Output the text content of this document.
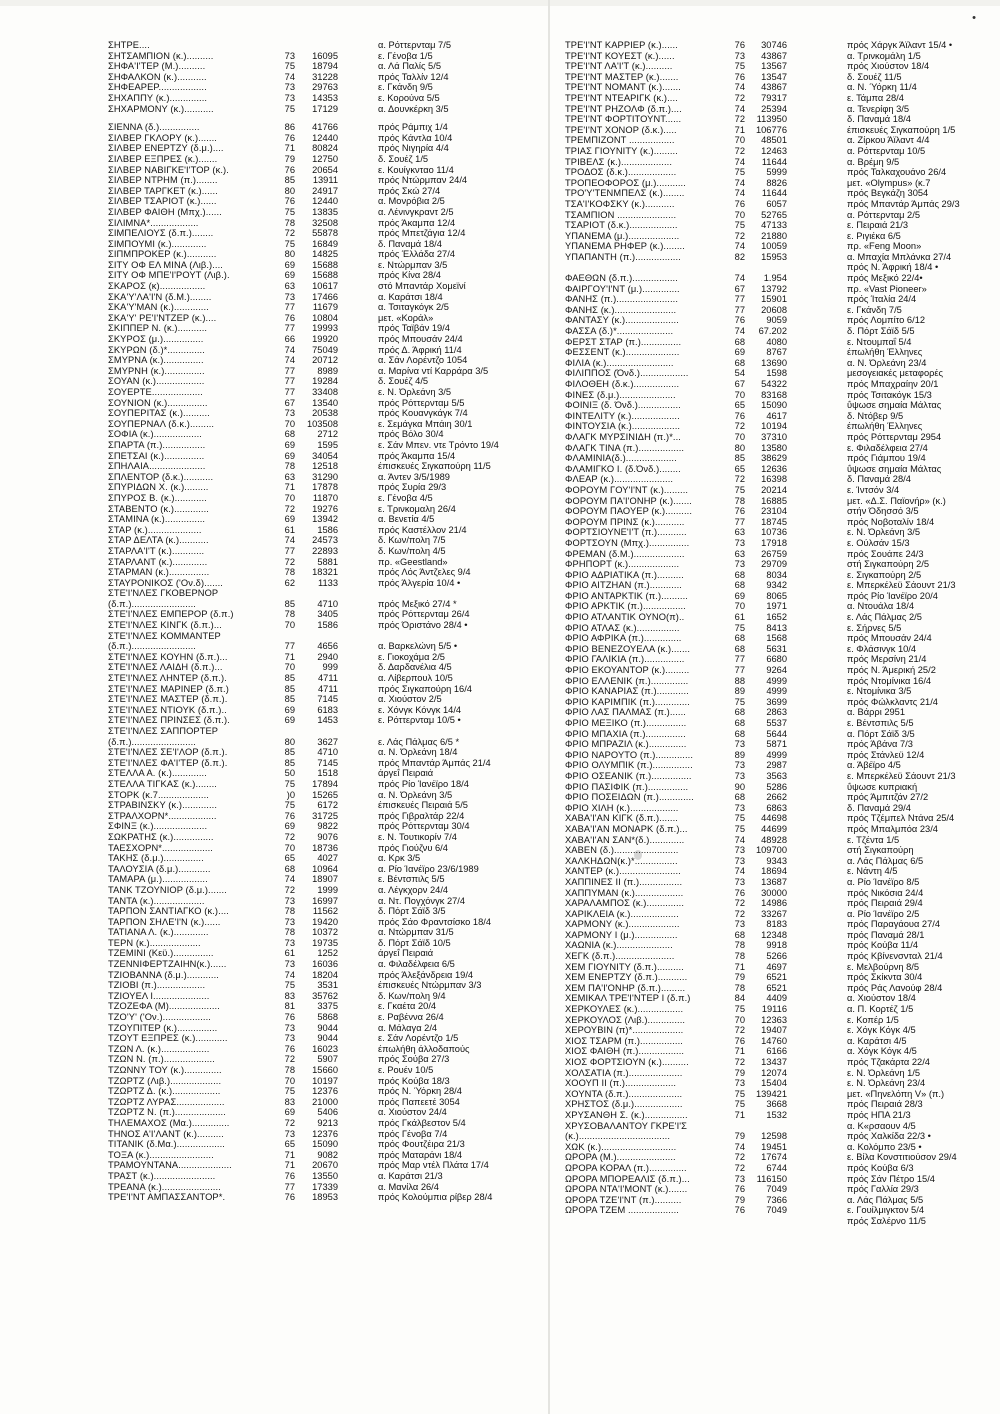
•
ΣΗΤΡΕ....	α. Ρόττερνταμ 7/5
ΣΗΤΣΑΜΠΙΟΝ (κ.)..........	73	16095	ε. Γένοβα 1/5
ΣΗΦΑ'Ι'ΤΕΡ (Μ.)..........	75	18794	α. Λά Παλίς 5/5
ΣΗΦΑΛΚΟΝ (κ.)...........	74	31228	πρός Ταλλίν 12/4
ΣΗΦΕΑΡΕΡ..................	73	29763	ε. Γκάνδη 9/5
ΣΗΧΑΠΠΥ (κ.)..............	73	14353	ε. Κορούνα 5/5
ΣΗΧΑΡΜΟΝΥ (κ.)...........	75	17129	α. Δουνκέρκη 3/5
ΣΙΕΝΝΑ (δ.)...............	86	41766	πρός Ράμπιχ 1/4
ΣΙΛΒΕΡ ΓΚΛΟΡΥ (κ.).......	76	12440	πρός Κάντλα 10/4
ΣΙΛΒΕΡ ΕΝΕΡΤΖΥ (δ.μ.)....	71	80824	πρός Νιγηρία 4/4
ΣΙΛΒΕΡ ΕΞΠΡΕΣ (κ.).......	79	12750	δ. Σουέζ 1/5
ΣΙΛΒΕΡ ΝΑΒΙΓΚΕ'Ι'ΤΟΡ (κ.).	76	20654	ε. Κουίγκνταο 11/4
ΣΙΛΒΕΡ ΝΤΡΗΜ (π.)........	85	13911	πρός Ντώρμπαν 24/4
ΣΙΛΒΕΡ ΤΑΡΓΚΕΤ (κ.)......	80	24917	πρός Σκώ 27/4
ΣΙΛΒΕΡ ΤΣΑΡΙΟΤ (κ.)......	76	12440	α. Μονρόβια 2/5
ΣΙΛΒΕΡ ΦΑΙΘΗ (Μπχ.)......	75	13835	α. Λένινγκραντ 2/5
ΣΙΛΙΜΝΑ*..................	78	32508	πρός Άκαμπα 12/4
ΣΙΜΠΕΛΙΟΥΣ (δ.π.)........	72	55878	πρός Μπετζάγια 12/4
ΣΙΜΠΟΥΜΙ (κ.).............	75	16849	δ. Παναμά 18/4
ΣΙΠΜΠΡΟΚΕΡ (κ.)...........	80	14825	πρός Έλλάδα 27/4
ΣΙΤΥ ΟΦ ΕΛ ΜΙΝΑ (Λιβ.)....	69	15688	ε. Ντώρμπαν 3/5
ΣΙΤΥ ΟΦ ΜΠΕ'Ι'ΡΟΥΤ (Λιβ.).	69	15688	πρός Κίνα 28/4
ΣΚΑΡΟΣ (κ).................	63	10617	στό Μπαντάρ Χομεϊνί
ΣΚΑ'Υ'ΛΑ'Ι'Ν (δ.Μ.)........	73	17466	α. Καράτσι 18/4
ΣΚΑ'Υ'ΜΑΝ (κ.).............	77	11679	α. Τσιταγκόγκ 2/5
ΣΚΑ'Υ' ΡΕ'Ι'ΝΤΖΕΡ (κ.)....	76	10804	μετ. «Κοράλ»
ΣΚΙΠΠΕΡ Ν. (κ.)...........	77	19993	πρός Ταϊβάν 19/4
ΣΚΥΡΟΣ (μ.)...............	66	19920	πρός Μπουσάν 24/4
ΣΚΥΡΩΝ (δ.)*..............	74	75049	πρός Δ. Άφρική 11/4
ΣΜΥΡΝΑ (κ.)...............	74	20712	α. Σάν Λορέντζο 1054
ΣΜΥΡΝΗ (κ.)...............	77	8989	α. Μαρίνα ντί Καρράρα 3/5
ΣΟΥΑΝ (κ.)..................	77	19284	δ. Σουέζ 4/5
ΣΟΥΕΡΤΕ...................	77	33408	ε. Ν. Όρλεάνη 3/5
ΣΟΥΝΙΟΝ (κ.)...............	67	13540	πρός Ρόττερνταμ 5/5
ΣΟΥΠΕΡΙΤΑΣ (κ.)..........	73	20538	πρός Κουανγκάγκ 7/4
ΣΟΥΠΕΡΝΑΛ (δ.κ.).........	70	103508	ε. Σεμάγκα Μπάιη 30/1
ΣΟΦΙΑ (κ.)..................	68	2712	πρός Βόλο 30/4
ΣΠΑΡΤΑ (π.)................	69	1595	ε. Σάν Μπεν. ντε Τρόντο 19/4
ΣΠΕΤΣΑΙ (κ.)...............	69	34054	πρός Άκαμπα 15/4
ΣΠΗΛΑΙΑ.....................	78	12518	έπισκευές Σιγκαπούρη 11/5
ΣΠΛΕΝΤΟΡ (δ.κ.)...........	63	31290	α. Άντεν 3/5/1989
ΣΠΥΡΙΔΩΝ Χ. (κ.).........	71	17878	πρός Συρία 29/3
ΣΠΥΡΟΣ Β. (κ.)............	70	11870	ε. Γένοβα 4/5
ΣΤΑΒΕΝΤΟ (κ.).............	72	19276	ε. Τρινκομαλη 26/4
ΣΤΑΜΙΝΑ (κ.)...............	69	13942	α. Βενετία 4/5
ΣΤΑΡ (κ.)....................	61	1586	πρός Καστέλλον 21/4
ΣΤΑΡ ΔΕΛΤΑ (κ.)...........	74	24573	δ. Κων/πολη 7/5
ΣΤΑΡΛΑ'Ι'Τ (κ.)............	77	22893	δ. Κων/πολη 4/5
ΣΤΑΡΛΑΝΤ (κ.).............	72	5881	πρ. «Geestland»
ΣΤΑΡΜΑΝ (κ.)...............	78	18321	πρός Λός Άντζελες 9/4
ΣΤΑΥΡΟΝΙΚΟΣ ('Ον.δ).......	62	1133	πρός Άλγερία 10/4 •
ΣΤΕ'Ι'ΝΛΕΣ ΓΚΟΒΕΡΝΟΡ
(δ.π.)........................	85	4710	πρός Μεξικό 27/4 *
ΣΤΕ'Ι'ΝΛΕΣ ΕΜΠΕΡΟΡ (δ.π.)	78	3405	πρός Ρόττερνταμ 26/4
ΣΤΕ'Ι'ΝΛΕΣ ΚΙΝΓΚ (δ.π.)...	70	1586	πρός Όριστάνο 28/4 •
ΣΤΕ'Ι'ΝΛΕΣ ΚΟΜΜΑΝΤΕΡ
(δ.π.)........................	77	4656	α. Βαρκελώνη 5/5 •
ΣΤΕ'Ι'ΝΛΕΣ ΚΟΥΗΝ (δ.π.)...	71	2940	ε. Γιοκοχάμα 2/5
ΣΤΕ'Ι'ΝΛΕΣ ΛΑΙΔΗ (δ.π.)...	70	999	δ. Δαρδανέλια 4/5
ΣΤΕ'Ι'ΝΛΕΣ ΛΗΝΤΕΡ (δ.π.).	85	4711	α. Λίβερπουλ 10/5
ΣΤΕ'Ι'ΝΛΕΣ ΜΑΡΙΝΕΡ (δ.π.)	85	4711	πρός Σιγκαπούρη 16/4
ΣΤΕ'Ι'ΝΛΕΣ ΜΑΣΤΕΡ (δ.π.).	85	7145	α. Χιούστον 2/5
ΣΤΕ'Ι'ΝΛΕΣ ΝΤΙΟΥΚ (δ.π.)..	69	6183	ε. Χόνγκ Κόνγκ 14/4
ΣΤΕ'Ι'ΝΛΕΣ ΠΡΙΝΣΕΣ (δ.π.).	69	1453	ε. Ρόττερνταμ 10/5 •
ΣΤΕ'Ι'ΝΛΕΣ ΣΑΠΠΟΡΤΕΡ
(δ.π.)........................	80	3627	ε. Λάς Πάλμας 6/5 *
ΣΤΕ'Ι'ΝΛΕΣ ΣΕ'Ι'ΛΟΡ (δ.π.).	85	4710	α. Ν. Όρλεάνη 18/4
ΣΤΕ'Ι'ΝΛΕΣ ΦΑ'Ι'ΤΕΡ (δ.π.).	85	7145	πρός Μπαντάρ Άμπάς 21/4
ΣΤΕΛΛΑ Α. (κ.).............	50	1518	άργεΐ Πειραιά
ΣΤΕΛΛΑ ΤΙΓΚΑΣ (κ.)........	75	17894	πρός Ρίο Ίανέϊρο 18/4
ΣΤΟΡΚ (κ.7...................	)0	15265	α. Ν. Όρλεάνη 3/5
ΣΤΡΑΒΙΝΣΚΥ (κ.).............	75	6172	έπισκευές Πειραιά 5/5
ΣΤΡΑΛΧΟΡΝ*..................	76	31725	πρός Γιβραλτάρ 22/4
ΣΦΙΝΞ (κ.)....................	69	9822	πρός Ρόττερνταμ 30/4
ΣΩΚΡΑΤΗΣ (κ.)...............	72	9076	ε. Ν. Τουτικορίν 7/4
ΤΑΕΣΧΟΡΝ*...................	70	18736	πρός Γιούζνυ 6/4
ΤΑΚΗΣ (δ.μ.)...............	65	4027	α. Κρκ 3/5
ΤΑΛΟΥΣΙΑ (δ.μ.)............	68	10964	α. Ρίο Ίανέϊρο 23/6/1989
ΤΑΜΑΡΑ (μ.).................	74	18907	ε. Βέντσπιλς 5/5
ΤΑΝΚ ΤΖΟΥΝΙΟΡ (δ.μ.).......	72	1999	α. Λέγκχορν 24/4
ΤΑΝΤΑ (κ.)...................	73	16997	α. Ντ. Πογχόνγκ 27/4
ΤΑΡΠΟΝ ΣΑΝΤΙΑΓΚΟ (κ.)....	78	11562	δ. Πόρτ Σάϊδ 3/5
ΤΑΡΠΟΝ ΣΗΛΕ'Ι'Ν (κ.)......	73	19420	πρός Σάο Φραντσίσκο 18/4
ΤΑΤΙΑΝΑ Λ. (κ.).............	78	10372	α. Ντώρμπαν 31/5
ΤΕΡΝ (κ.)...................	73	19735	δ. Πόρτ Σάϊδ 10/5
ΤΖΕΜΙΝΙ (Κεϋ.)...............	61	1252	άργεΐ Πειραιά
ΤΖΕΝΝΙΦΕΡΤΖΑΙΗΝ(κ.)......	73	16036	α. Φιλαδέλφεια 6/5
ΤΖΙΟΒΑΝΝΑ (δ.μ.)............	74	18204	πρός Άλεξάνδρεια 19/4
ΤΖΙΟΒΙ (π.)..................	75	3531	έπισκευές Ντώρμπαν 3/3
ΤΖΙΟΥΕΛ Ι.....................	83	35762	δ. Κων/πολη 9/4
ΤΖΟΖΕΦΑ (Μ)...................	81	3375	ε. Γκαέτα 20/4
ΤΖΟ'Υ' ('Ον.)..................	76	5868	ε. Ραβέννα 26/4
ΤΖΟΥΠΙΤΕΡ (κ.)...............	73	9044	α. Μάλαγα 2/4
ΤΖΟΥΤ ΕΞΠΡΕΣ (κ.)............	73	9044	ε. Σάν Λορέντζο 1/5
ΤΖΩΝ Λ. (κ.)..................	76	16023	έπωλήθη άλλοδαπούς
ΤΖΩΝ Ν. (π.)...................	72	5907	πρός Σούβα 27/3
ΤΖΩΝΝΥ ΤΟΥ (κ.)..............	78	15660	ε. Ρουέν 10/5
ΤΖΩΡΤΖ (Λιβ.)...................	70	10197	πρός Κούβα 18/3
ΤΖΩΡΤΖ Δ. (κ.)..................	75	12376	πρός Ν. Ύόρκη 28/4
ΤΖΩΡΤΖ ΛΥΡΑΣ..................	83	21000	πρός Παπεετέ 3054
ΤΖΩΡΤΖ Ν. (π.)...................	69	5406	α. Χιούστον 24/4
ΤΗΛΕΜΑΧΟΣ (Μα.)..............	72	9213	πρός Γκάλβεστον 5/4
ΤΗΝΟΣ Α'Ι'ΛΑΝΤ (κ.)..........	73	12376	πρός Γένοβα 7/4
ΤΙΤΑΝΙΚ (δ.Μα.)..................	65	15090	πρός Φουτζέιρα 21/3
ΤΟΞΑ (κ.)........................	71	9082	πρός Ματαράνι 18/4
ΤΡΑΜΟΥΝΤΑΝΑ....................	71	20670	πρός Μαρ ντέλ Πλάτα 17/4
ΤΡΑΣΤ (κ.).......................	76	13550	α. Καράτσι 21/3
ΤΡΕΑΝΑ (κ.)......................	77	17339	α. Μανίλα 26/4
ΤΡΕ'Ι'ΝΤ ΑΜΠΑΣΣΑΝΤΟΡ*.	76	18953	πρός Κολούμπια ρίβερ 28/4
ΤΡΕ'Ι'ΝΤ ΚΑΡΡΙΕΡ (κ.)......	76	30746	πρός Χάργκ Άϊλαντ 15/4 •
ΤΡΕ'Ι'ΝΤ ΚΟΥΕΣΤ (κ.)......	73	43867	α. Τρινκομάλη 1/5
ΤΡΕ'Ι'ΝΤ ΛΑ'Ι'Τ (κ.)..........	75	13567	πρός Χιούστον 18/4
ΤΡΕ'Ι'ΝΤ ΜΑΣΤΕΡ (κ.).......	76	13547	δ. Σουέζ 11/5
ΤΡΕ'Ι'ΝΤ ΝΟΜΑΝΤ (κ.).......	74	43867	α. Ν. Ύόρκη 11/4
ΤΡΕ'Ι'ΝΤ ΝΤΕΑΡΙΓΚ (κ.)....	72	79317	ε. Τάμπα 28/4
ΤΡΕ'Ι'ΝΤ ΡΗΖΟΛΦ (δ.π.)....	74	25394	α. Τενερίφη 3/5
ΤΡΕ'Ι'ΝΤ ΦΟΡΤΙΤΟΥΝΤ......	72	113950	δ. Παναμά 18/4
ΤΡΕ'Ι'ΝΤ ΧΟΝΟΡ (δ.κ.).....	71	106776	έπισκευές Σιγκαπούρη 1/5
ΤΡΕΜΠΙΖΟΝΤ .................	70	48501	α. Ζίρκου Άϊλαντ 4/4
ΤΡΙΑΣ ΓΙΟΥΝΙΤΥ (κ.).........	72	12463	α. Ρόττερνταμ 10/5
ΤΡΙΒΕΛΣ (κ.)...................	74	11644	α. Βρέμη 9/5
ΤΡΟΔΟΣ (δ.κ.)..................	75	5999	πρός Ταλκαχουάνο 26/4
ΤΡΟΠΕΟΦΟΡΟΣ (μ.)...........	74	8826	μετ. «Olympus» (κ.7
ΤΡΟ'Υ'ΤΕΝΜΠΕΛΣ (κ.)........	74	11644	πρός Βεγκάζη 3054
ΤΣΑ'Ι'ΚΟΦΣΚΥ (κ.)...........	76	6057	πρός Μπαντάρ Άμπάς 29/3
ΤΣΑΜΠΙΟΝ ......................	70	52765	α. Ρόττερνταμ 2/5
ΤΣΑΡΙΟΤ (δ.κ.)..................	75	47133	ε. Πειραιά 21/3
ΥΠΑΝΕΜΑ (μ.)...................	72	21880	ε. Ριγιέκα 6/5
ΥΠΑΝΕΜΑ ΡΗΦΕΡ (κ.)........	74	10059	πρ. «Feng Moon»
ΥΠΑΠΑΝΤΗ (π.).................	82	15953	α. Μπαχία Μπλάνκα 27/4
πρός Ν. Άφρική 18/4 •
ΦΑΕΘΩΝ (δ.π.).................	74	1.954	πρός Μεξικό 22/4•
ΦΑΙΡΓΟΥ'Ι'ΝΤ (μ.)..............	67	13792	πρ. «Vast Pioneer»
ΦΑΝΗΣ (π.).......................	77	15901	πρός Ίταλία 24/4
ΦΑΝΗΣ (κ.).......................	77	20608	ε. Γκάνδη 7/5
ΦΑΝΤΑΣΥ (κ.)....................	76	9059	πρός Λομπίτο 6/12
ΦΑΣΣΑ (δ.)*.....................	74	67.202	δ. Πόρτ Σάϊδ 5/5
ΦΕΡΣΤ ΣΤΑΡ (π.)...............	68	4080	ε. Ντουμπαΐ 5/4
ΦΕΣΣΕΝΤ (κ.)....................	69	8767	έπωλήθη Έλληνες
ΦΙΛΙΑ (κ.).........................	68	13690	α. Ν. Όρλεάνη 23/4
ΦΙΛΙΠΠΟΣ (Όνδ.)..................	54	1598	μεσογειακές μεταφορές
ΦΙΛΟΘΕΗ (δ.κ.).................	67	54322	πρός Μπαχραίην 20/1
ΦΙΝΕΣ (δ.μ.).....................	70	83168	πρός Τσιτακόγκ 15/3
ΦΟΙΝΙΞ (δ. Όνδ.)................	65	15090	ΰψωσε σημαία Μάλτας
ΦΙΝΤΕΛΙΤΥ (κ.)..................	76	4617	δ. Ντόβερ 9/5
ΦΙΝΤΟΥΣΙΑ (κ.)..................	72	10194	έπωλήθη Έλληνες
ΦΛΑΓΚ ΜΥΡΣΙΝΙΔΗ (π.)*...	70	37310	πρός Ρόττερνταμ 2954
ΦΛΑΓΚ ΤΙΝΑ (π.).................	80	13580	ε. Φιλαδέλφεια 27/4
ΦΛΑΜΙΝΙΑ(δ.)...................	85	38629	πρός Γιάμπου 19/4
ΦΛΑΜΙΓΚΟ Ι. (δ.Όνδ.)........	65	12636	ΰψωσε σημαία Μάλτας
ΦΛΕΑΡ (κ.)......................	72	16398	δ. Παναμά 28/4
ΦΟΡΟΥΜ ΓΟΥ'Ι'ΝΤ (κ.).........	75	20214	ε. Ίντσόν 3/4
ΦΟΡΟΥΜ ΠΑ'Ι'ΟΝΗΡ (κ.).......	78	16885	μετ. «Δ.Σ. Παϊονήρ» (κ.)
ΦΟΡΟΥΜ ΠΑΟΥΕΡ (κ.)..........	76	23104	στήν Όδησσό 3/5
ΦΟΡΟΥΜ ΠΡΙΝΣ (κ.)...........	77	18745	πρός Νοβοταλίν 18/4
ΦΟΡΤΣΙΟΥΝΕ'Ι'Τ (π.)...........	63	10736	ε. Ν. Όρλεάνη 3/5
ΦΟΡΤΣΟΥΝ (Μπχ.)...............	73	17918	ε. Ούλσάν 15/3
ΦΡΕΜΑΝ (δ.Μ.)...................	63	26759	πρός Σουάπε 24/3
ΦΡΗΠΟΡΤ (κ.)...................	73	29709	στή Σιγκαπούρη 2/5
ΦΡΙΟ ΑΔΡΙΑΤΙΚΑ (π.)..........	68	8034	ε. Σιγκαπούρη 2/5
ΦΡΙΟ ΑΙΤΖΗΑΝ (π.)............	68	9342	ε. Μπερκέλεϋ Σάουντ 21/3
ΦΡΙΟ ΑΝΤΑΡΚΤΙΚ (π.)..........	69	8065	πρός Ρίο Ίανέϊρο 20/4
ΦΡΙΟ ΑΡΚΤΙΚ (π.)................	70	1971	α. Ντουάλα 18/4
ΦΡΙΟ ΑΤΛΑΝΤΙΚ ΟΥΝΟ(π)..	61	1652	ε. Λάς Πάλμας 2/5
ΦΡΙΟ ΑΤΛΑΣ (κ.)................	75	8413	ε. Σήρνες 5/5
ΦΡΙΟ ΑΦΡΙΚΑ (π.)..............	68	1568	πρός Μπουσάν 24/4
ΦΡΙΟ ΒΕΝΕΖΟΥΕΛΑ (κ.).......	68	5631	ε. Φλάσινγκ 10/4
ΦΡΙΟ ΓΑΛΙΚΙΑ (π.)...............	77	6680	πρός Μερσίνη 21/4
ΦΡΙΟ ΕΚΟΥΑΝΤΟΡ (κ.).........	77	9264	πρός Ν. Άμερική 25/2
ΦΡΙΟ ΕΛΛΕΝΙΚ (π.)..............	88	4999	πρός Ντομίνικα 16/4
ΦΡΙΟ ΚΑΝΑΡΙΑΣ (π.)............	89	4999	ε. Ντομίνικα 3/5
ΦΡΙΟ ΚΑΡΙΜΠΙΚ (π.).............	75	3699	πρός Φώλκλαντς 21/4
ΦΡΙΟ ΛΑΣ ΠΑΛΜΑΣ (π.)......	68	2863	α. Βάρρι 2951
ΦΡΙΟ ΜΕΞΙΚΟ (π.)...............	68	5537	ε. Βέντσπιλς 5/5
ΦΡΙΟ ΜΠΑΧΙΑ (π.)...............	68	5644	α. Πόρτ Σάϊδ 3/5
ΦΡΙΟ ΜΠΡΑΖΙΛ (κ.)..............	73	5871	πρός Άβάνα 7/3
ΦΡΙΟ ΝΑΡΟΥΤΟ (π.)..............	89	4999	πρός Στάνλεϋ 12/4
ΦΡΙΟ ΟΛΥΜΠΙΚ (π.)...............	73	2987	α. Άβέϊρο 4/5
ΦΡΙΟ ΟΣΕΑΝΙΚ (π.)...............	73	3563	ε. Μπερκέλεϋ Σάουντ 21/3
ΦΡΙΟ ΠΑΣΙΦΙΚ (π.)...............	90	5286	ΰψωσε κυπριακή
ΦΡΙΟ ΠΟΣΕΙΔΩΝ (π.).............	68	2662	πρός Άμπιτζάν 27/2
ΦΡΙΟ ΧΙΛΗ (κ.)..................	73	6863	δ. Παναμά 29/4
ΧΑΒΑ'Ι'ΑΝ ΚΙΓΚ (δ.π.).......	75	44698	πρός Τζέμπελ Ντάνα 25/4
ΧΑΒΑ'Ι'ΑΝ ΜΟΝΑΡΚ (δ.π.)...	75	44699	πρός Μπαλμπόα 23/4
ΧΑΒΑ'Ι'ΑΝ ΣΑΝ*(δ.).............	74	48928	ε. Τζέντα 1/5
ΧΑΒΕΝ (δ.)........................	73	109700	στή Σιγκαπούρη
ΧΑΛΚΗΔΩΝ(κ.)*................	73	9343	α. Λάς Πάλμας 6/5
ΧΑΝΤΕΡ (κ.).......................	74	18694	ε. Νάντη 4/5
ΧΑΠΠΙΝΕΣ ΙΙ (π.)................	73	13687	α. Ρίο Ίανέϊρο 8/5
ΧΑΠΠΥΜΑΝ (κ.)..................	76	30000	πρός Νικόσια 24/4
ΧΑΡΑΛΑΜΠΟΣ (κ.)..............	72	14986	πρός Πειραιά 29/4
ΧΑΡΙΚΛΕΙΑ (κ.)..................	72	33267	α. Ρίο Ίανέϊρο 2/5
ΧΑΡΜΟΝΥ (κ.)...................	73	8183	πρός Παραγάουα 27/4
ΧΑΡΜΟΝΥ Ι (μ.)................	68	12348	πρός Παναμά 28/1
ΧΑΩΝΙΑ (κ.).....................	78	9918	πρός Κούβα 11/4
ΧΕΓΚ (δ.π.)......................	78	5266	πρός Κβίνενσνταλ 21/4
ΧΕΜ ΓΙΟΥΝΙΤΥ (δ.π.)..........	71	4697	ε. Μελβούρνη 8/5
ΧΕΜ ΕΝΕΡΤΖΥ (δ.π.)...........	79	6521	πρός Σκίκντα 30/4
ΧΕΜ ΠΑ'Ι'ΟΝΗΡ (δ.π.).........	78	6521	πρός Ράς Λανούφ 28/4
ΧΕΜΙΚΑΛ ΤΡΕ'Ι'ΝΤΕΡ Ι (δ.π.)	84	4409	α. Χιούστον 18/4
ΧΕΡΚΟΥΛΕΣ (κ.).................	75	19116	α. Π. Κορτέζ 1/5
ΧΕΡΚΟΥΛΟΣ (Λιβ.)..............	70	12363	ε. Κοπέρ 1/5
ΧΕΡΟΥΒΙΝ (π)*...................	72	19407	ε. Χόγκ Κόγκ 4/5
ΧΙΟΣ ΤΣΑΡΜ (π.)................	76	14760	α. Καράτσι 4/5
ΧΙΟΣ ΦΑΙΘΗ (π.).................	71	6166	α. Χόγκ Κόγκ 4/5
ΧΙΟΣ ΦΟΡΤΣΙΟΥΝ (κ.)..........	72	13437	πρός Τζακάρτα 22/4
ΧΟΛΣΑΤΙΑ (π.)....................	79	12074	ε. Ν. Όρλεάνη 1/5
ΧΟΟΥΠ ΙΙ (π.)...................	73	15404	ε. Ν. Όρλεάνη 23/4
ΧΟΥΝΤΑ (δ.π.)....................	75	139421	μετ. «Πηνελόπη V» (π.)
ΧΡΗΣΤΟΣ (δ.μ.)..................	75	3668	πρός Πειραιά 28/3
ΧΡΥΣΑΝΘΗ Σ. (κ.)................	71	1532	πρός ΗΠΑ 21/3
ΧΡΥΣΟΒΑΛΑΝΤΟΥ ΓΚΡΕ'Ι'Σ	α. Κ«ρσαουν 4/5
(κ.)..................................	79	12598	πρός Χαλκίδα 22/3 •
ΧΩΚ (κ.)............................	74	19451	α. Κολόμπο 23/5 •
ΩΡΟΡΑ (Μ.)......................	72	17674	ε. Βίλα Κονστιτιούσον 29/4
ΩΡΟΡΑ ΚΟΡΑΛ (π.)..............	72	6744	πρός Κούβα 6/3
ΩΡΟΡΑ ΜΠΟΡΕΑΛΙΣ (δ.π.)...	73	116150	πρός Σάν Πέτρο 15/4
ΩΡΟΡΑ ΝΤΑ'Ι'ΜΟΝΤ (κ.).......	76	7049	πρός Γαλλία 29/3
ΩΡΟΡΑ ΤΖΕ'Ι'ΝΤ (π.)..........	79	7366	α. Λάς Πάλμας 5/5
ΩΡΟΡΑ ΤΖΕΜ ...................	76	7049	ε. Γουίλμιγκτον 5/4
πρός Σαλέρνο 11/5
